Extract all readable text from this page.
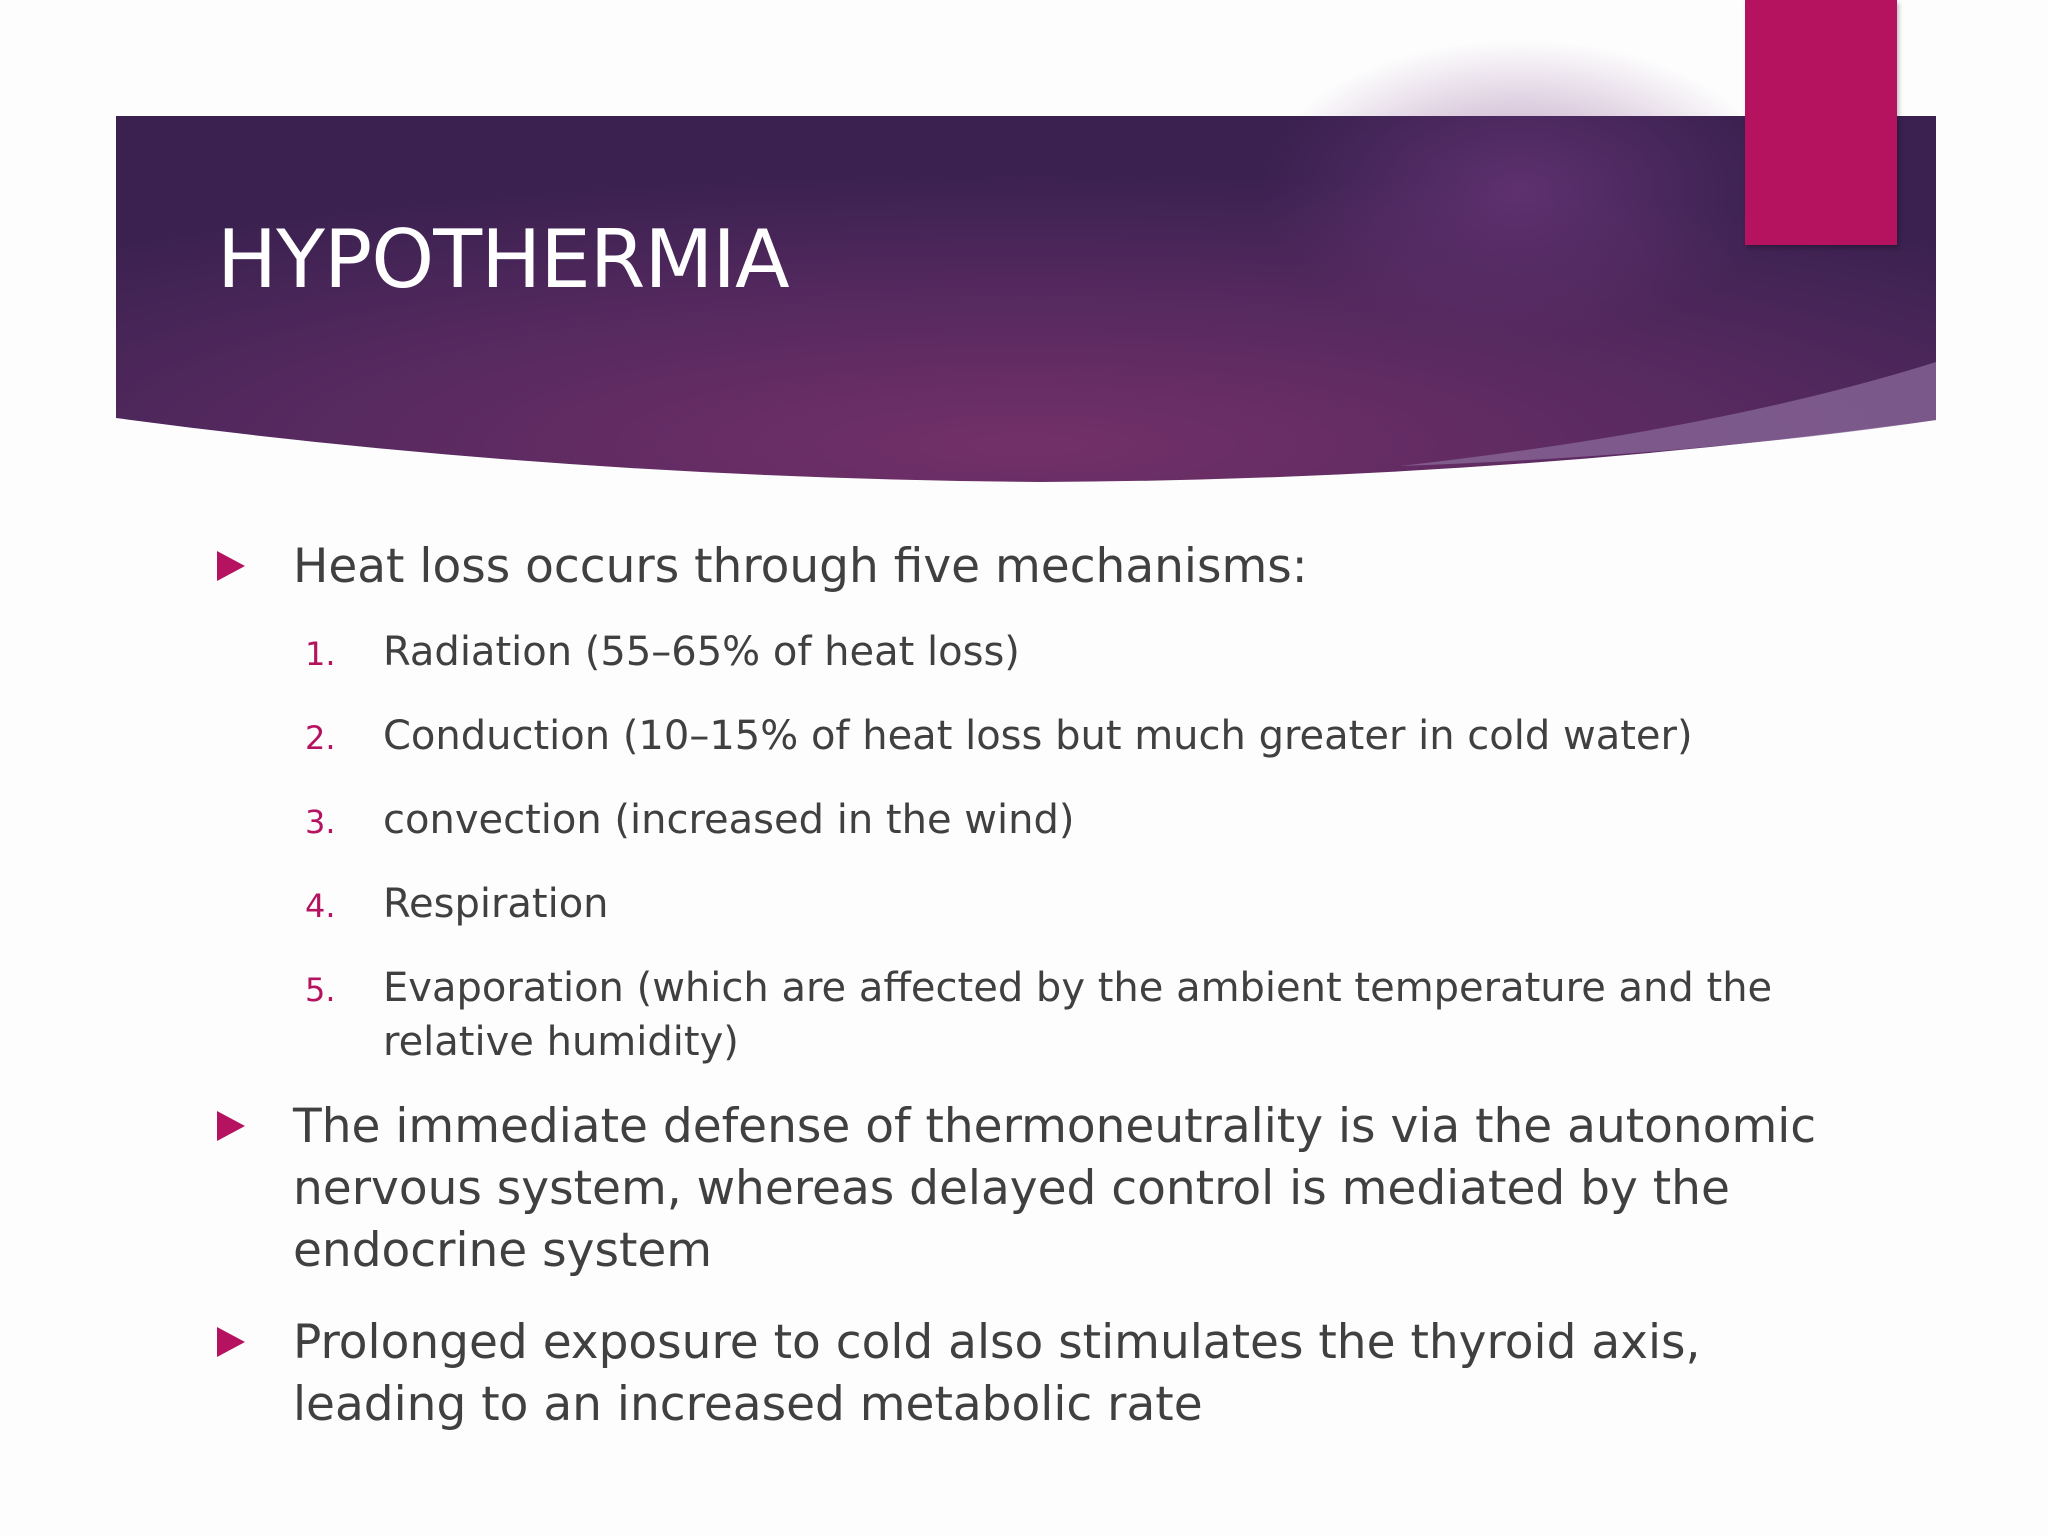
HYPOTHERMIA
Heat loss occurs through five mechanisms:
1. Radiation (55–65% of heat loss)
2. Conduction (10–15% of heat loss but much greater in cold water)
3. convection (increased in the wind)
4. Respiration
5. Evaporation (which are affected by the ambient temperature and the relative humidity)
The immediate defense of thermoneutrality is via the autonomic nervous system, whereas delayed control is mediated by the endocrine system
Prolonged exposure to cold also stimulates the thyroid axis, leading to an increased metabolic rate
